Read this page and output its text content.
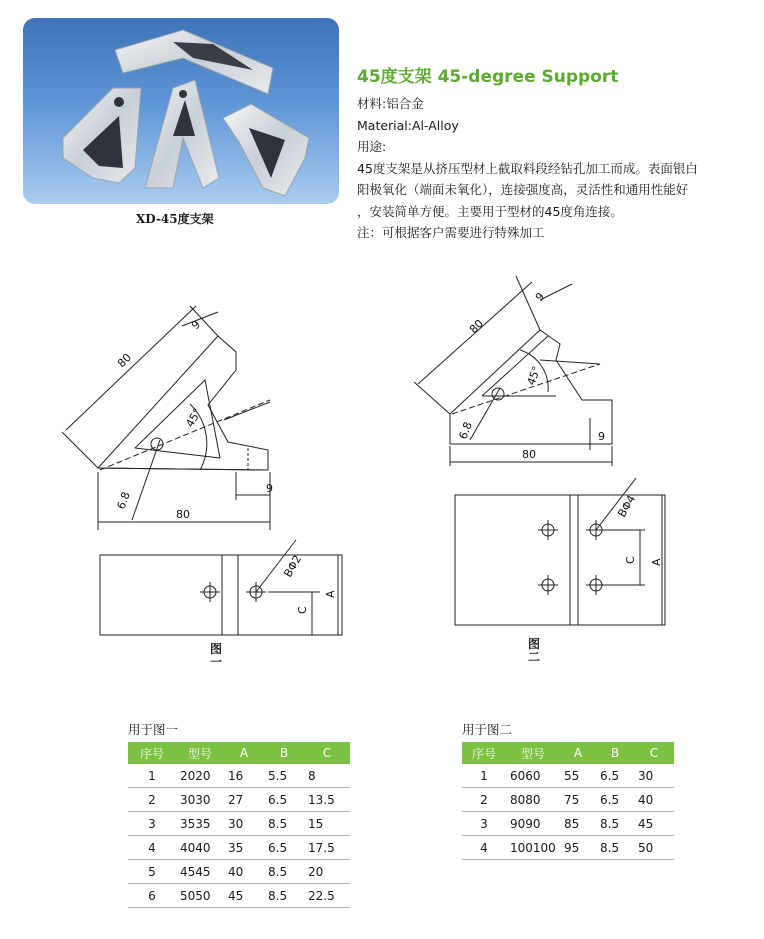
XD-45度支架
45度支架 45-degree Support
材料:铝合金
Material:Al-Alloy
用途:
45度支架是从挤压型材上截取料段经钻孔加工而成。表面银白
阳极氧化（端面未氧化），连接强度高，灵活性和通用性能好
，安装简单方便。主要用于型材的45度角连接。
注：可根据客户需要进行特殊加工
80
9
45°
6.8
9
80
BΦ2
C
A
80
9
45°
6.8	9
80
BΦ4
C A
图
一
图
二
用于图一
序号	型号	A	B	C
1	2020	16	5.5	8
2	3030	27	6.5	13.5
3	3535	30	8.5	15
4	4040	35	6.5	17.5
5	4545	40	8.5	20
6	5050	45	8.5	22.5
用于图二
序号	型号	A	B	C
1	6060	55	6.5	30
2	8080	75	6.5	40
3	9090	85	8.5	45
4	100100	95	8.5	50
